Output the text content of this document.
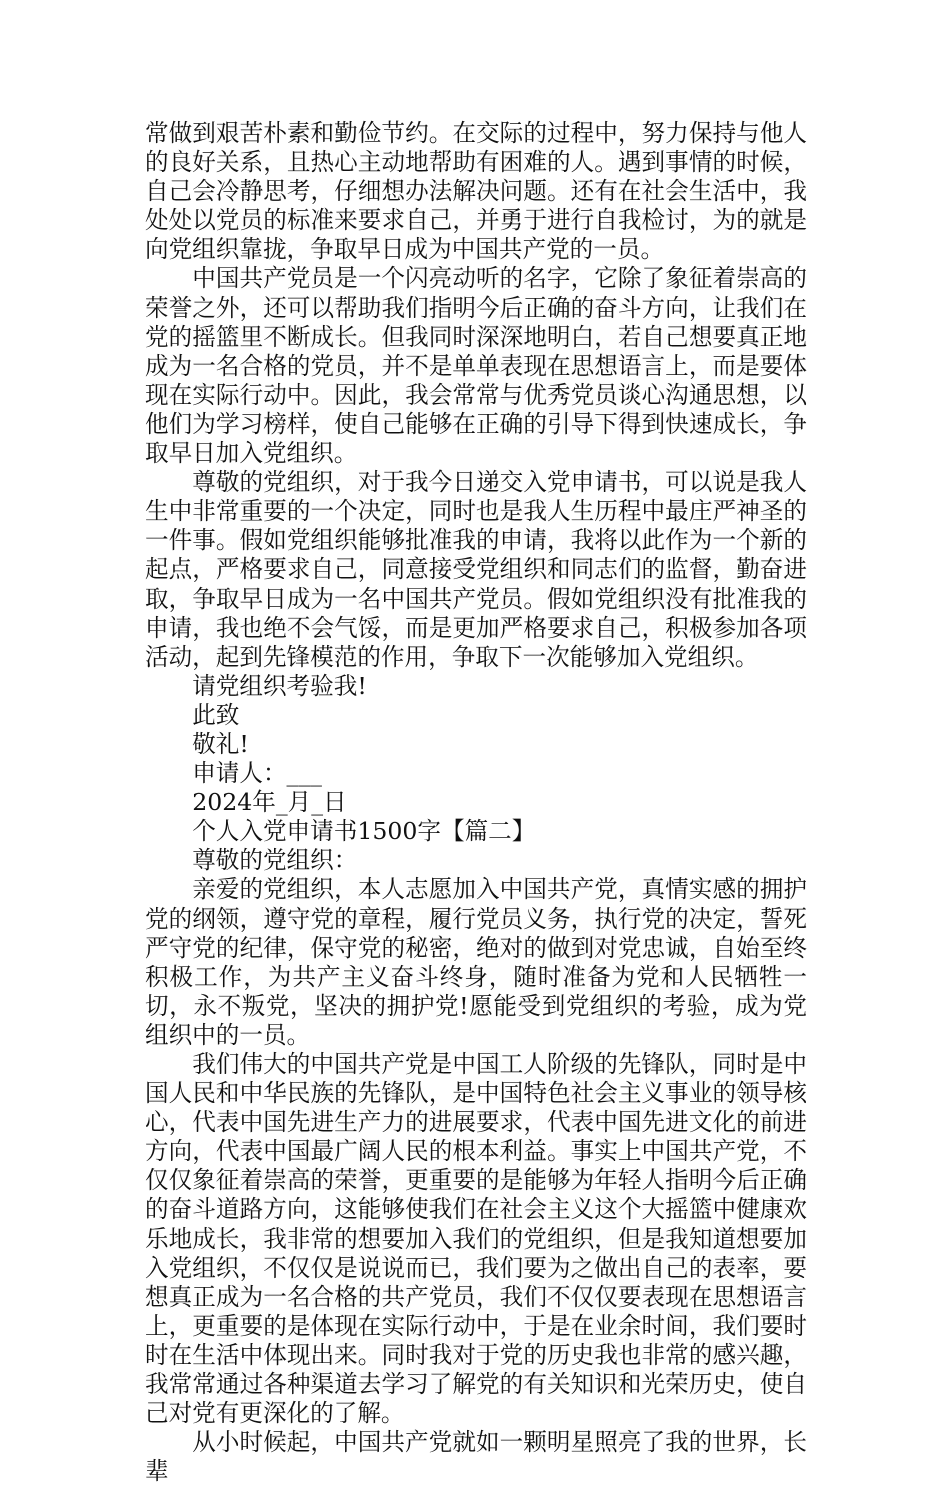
常做到艰苦朴素和勤俭节约。在交际的过程中，努力保持与他人的良好关系，且热心主动地帮助有困难的人。遇到事情的时候，自己会冷静思考，仔细想办法解决问题。还有在社会生活中，我处处以党员的标准来要求自己，并勇于进行自我检讨，为的就是向党组织靠拢，争取早日成为中国共产党的一员。

中国共产党员是一个闪亮动听的名字，它除了象征着崇高的荣誉之外，还可以帮助我们指明今后正确的奋斗方向，让我们在党的摇篮里不断成长。但我同时深深地明白，若自己想要真正地成为一名合格的党员，并不是单单表现在思想语言上，而是要体现在实际行动中。因此，我会常常与优秀党员谈心沟通思想，以他们为学习榜样，使自己能够在正确的引导下得到快速成长，争取早日加入党组织。

尊敬的党组织，对于我今日递交入党申请书，可以说是我人生中非常重要的一个决定，同时也是我人生历程中最庄严神圣的一件事。假如党组织能够批准我的申请，我将以此作为一个新的起点，严格要求自己，同意接受党组织和同志们的监督，勤奋进取，争取早日成为一名中国共产党员。假如党组织没有批准我的申请，我也绝不会气馁，而是更加严格要求自己，积极参加各项活动，起到先锋模范的作用，争取下一次能够加入党组织。

请党组织考验我!

此致

敬礼!

申请人：___

2024年_月_日

个人入党申请书1500字【篇二】

尊敬的党组织：

亲爱的党组织，本人志愿加入中国共产党，真情实感的拥护党的纲领，遵守党的章程，履行党员义务，执行党的决定，誓死严守党的纪律，保守党的秘密，绝对的做到对党忠诚，自始至终积极工作，为共产主义奋斗终身，随时准备为党和人民牺牲一切，永不叛党，坚决的拥护党!愿能受到党组织的考验，成为党组织中的一员。

我们伟大的中国共产党是中国工人阶级的先锋队，同时是中国人民和中华民族的先锋队，是中国特色社会主义事业的领导核心，代表中国先进生产力的进展要求，代表中国先进文化的前进方向，代表中国最广阔人民的根本利益。事实上中国共产党，不仅仅象征着崇高的荣誉，更重要的是能够为年轻人指明今后正确的奋斗道路方向，这能够使我们在社会主义这个大摇篮中健康欢乐地成长，我非常的想要加入我们的党组织，但是我知道想要加入党组织，不仅仅是说说而已，我们要为之做出自己的表率，要想真正成为一名合格的共产党员，我们不仅仅要表现在思想语言上，更重要的是体现在实际行动中，于是在业余时间，我们要时时在生活中体现出来。同时我对于党的历史我也非常的感兴趣，我常常通过各种渠道去学习了解党的有关知识和光荣历史，使自己对党有更深化的了解。

从小时候起，中国共产党就如一颗明星照亮了我的世界，长辈
